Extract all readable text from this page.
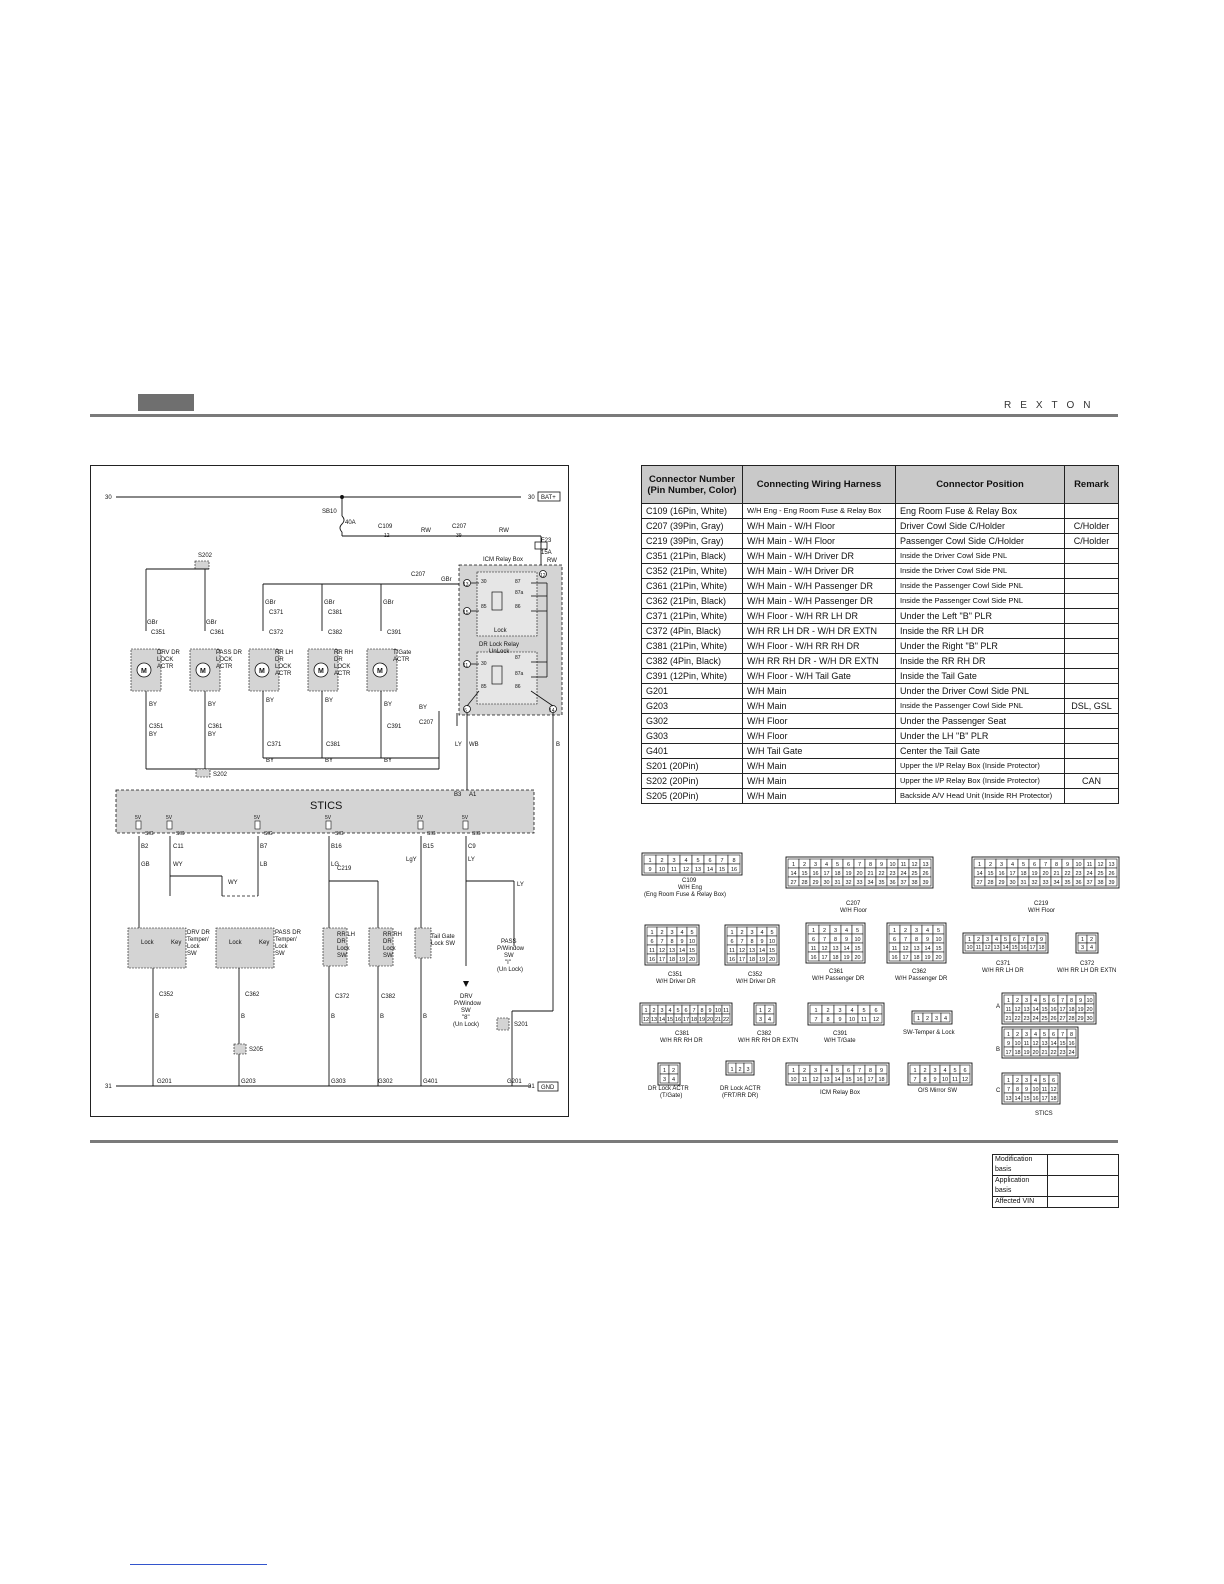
REXTON
30	30 BAT+
SB10
40A
C109
12
RW
C207
39
RW
F23
15A
RW
S202
C207
GBr
ICM Relay Box
Lock
DR Lock Relay
UnLock
30	87
87a
85	86
30
87
87a
85	86
13
15
11
6	14
12
M	M	M	M	M
DRV DR
LOCK
ACTR
PASS DR
LOCK
ACTR
RR LH
DR
LOCK
ACTR
RR RH
DR
LOCK
ACTR
T/Gate
ACTR
C351	C361
C371
C372
C381
C382	C391
GBr	GBr
GBr	GBr	GBr
BY	BY
BY	BY
BY	BY
BY	BY
C207
LY WB	B
C351	C361
C371	C381
C391
BY	BY	BY
S202
STICS
B3 A1
5V	5V	5V	5V	5V	5V
SIG	SIG	SIG	SIG	SIG	SIG
B2	C11	B7	B16	B15	C9
GB	WY	LB	LG
LgY	LY
WY
C219
LY
Lock	Key	Lock	Key
DRV DR
Temper/
Lock
SW
PASS DR
Temper/
Lock
SW
RR LH
DR
Lock
SW
RR RH
DR
Lock
SW
Tail Gate
Lock SW	PASS
P/Window
SW
"I"
(Un Lock)
DRV
P/Window
SW
"8"
(Un Lock)
C352	C362	C372	C382
S205
S201
B	B	B	B	B
31	31 GND
G201	G203	G303	G302	G401	G201
Connector Number (Pin Number, Color)	Connecting Wiring Harness	Connector Position	Remark
C109 (16Pin, White)	W/H Eng - Eng Room Fuse & Relay Box	Eng Room Fuse & Relay Box	
C207 (39Pin, Gray)	W/H Main - W/H Floor	Driver Cowl Side C/Holder	C/Holder
C219 (39Pin, Gray)	W/H Main - W/H Floor	Passenger Cowl Side C/Holder	C/Holder
C351 (21Pin, Black)	W/H Main - W/H Driver DR	Inside the Driver Cowl Side PNL	
C352 (21Pin, White)	W/H Main - W/H Driver DR	Inside the Driver Cowl Side PNL	
C361 (21Pin, White)	W/H Main - W/H Passenger DR	Inside the Passenger Cowl Side PNL	
C362 (21Pin, Black)	W/H Main - W/H Passenger DR	Inside the Passenger Cowl Side PNL	
C371 (21Pin, White)	W/H Floor - W/H RR LH DR	Under the Left "B" PLR	
C372 (4Pin, Black)	W/H RR LH DR - W/H DR EXTN	Inside the RR LH DR	
C381 (21Pin, White)	W/H Floor - W/H RR RH DR	Under the Right "B" PLR	
C382 (4Pin, Black)	W/H RR RH DR - W/H DR EXTN	Inside the RR RH DR	
C391 (12Pin, White)	W/H Floor - W/H Tail Gate	Inside the Tail Gate	
G201	W/H Main	Under the Driver Cowl Side PNL	
G203	W/H Main	Inside the Passenger Cowl Side PNL	DSL, GSL
G302	W/H Floor	Under the Passenger Seat	
G303	W/H Floor	Under the LH "B" PLR	
G401	W/H Tail Gate	Center the Tail Gate	
S201 (20Pin)	W/H Main	Upper the I/P Relay Box (Inside Protector)	
S202 (20Pin)	W/H Main	Upper the I/P Relay Box (Inside Protector)	CAN
S205 (20Pin)	W/H Main	Backside A/V Head Unit (Inside RH Protector)	
1 2 3 4 5 6 7 8
9 10 11 12 13 14 15 16
C109
W/H Eng
(Eng Room Fuse & Relay Box)
1 2 3 4 5 6 7 8 9 10 11 12 13
14 15 16 17 18 19 20 21 22 23 24 25 26
27 28 29 30 31 32 33 34 35 36 37 38 39
C207
W/H Floor
1 2 3 4 5 6 7 8 9 10 11 12 13
14 15 16 17 18 19 20 21 22 23 24 25 26
27 28 29 30 31 32 33 34 35 36 37 38 39
C219
W/H Floor
1 2 3 4 5
6 7 8 9 10
11 12 13 14 15
16 17 18 19 20
C351
W/H Driver DR
1 2 3 4 5
6 7 8 9 10
11 12 13 14 15
16 17 18 19 20
C352
W/H Driver DR
1 2 3 4 5
6 7 8 9 10
11 12 13 14 15
16 17 18 19 20
C361
W/H Passenger DR
1 2 3 4 5
6 7 8 9 10
11 12 13 14 15
16 17 18 19 20
C362
W/H Passenger DR
1 2 3 4 5 6 7 8 9
10 11 12 13 14 15 16 17 18
C371
W/H RR LH DR
1 2
3 4
C372
W/H RR LH DR EXTN
1 2 3 4 5 6 7 8 9 10 11
12 13 14 15 16 17 18 19 20 21 22
C381
W/H RR RH DR
1 2
3 4
C382
W/H RR RH DR EXTN
1 2 3 4 5 6
7 8 9 10 11 12
C391
W/H T/Gate
1 2 3 4
SW-Temper & Lock
1 2
3 4
DR Lock ACTR
(T/Gate)
1 2 3
DR Lock ACTR
(FRT/RR DR)
1 2 3 4 5 6 7 8 9
10 11 12 13 14 15 16 17 18
ICM Relay Box
1 2 3 4 5 6
7 8 9 10 11 12
O/S Mirror SW
1 2 3 4 5 6 7 8 9 10
11 12 13 14 15 16 17 18 19 20
21 22 23 24 25 26 27 28 29 30
1 2 3 4 5 6 7 8
9 10 11 12 13 14 15 16
17 18 19 20 21 22 23 24
1 2 3 4 5 6
7 8 9 10 11 12
13 14 15 16 17 18
A
B
C
STICS
Modification basis	
Application basis	
Affected VIN	
